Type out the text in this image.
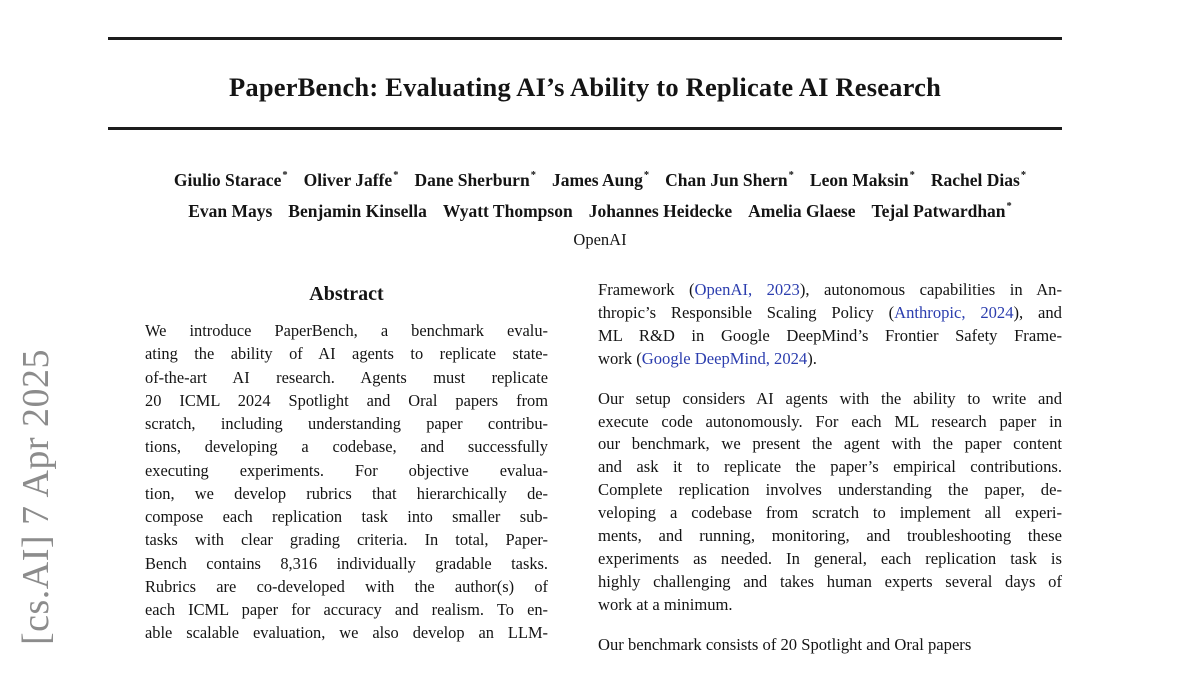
[cs.AI] 7 Apr 2025
PaperBench: Evaluating AI’s Ability to Replicate AI Research
Giulio Starace* Oliver Jaffe* Dane Sherburn* James Aung* Chan Jun Shern* Leon Maksin* Rachel Dias*
Evan Mays Benjamin Kinsella Wyatt Thompson Johannes Heidecke Amelia Glaese Tejal Patwardhan*
OpenAI
Abstract
We introduce PaperBench, a benchmark evalu-
ating the ability of AI agents to replicate state-
of-the-art AI research. Agents must replicate
20 ICML 2024 Spotlight and Oral papers from
scratch, including understanding paper contribu-
tions, developing a codebase, and successfully
executing experiments. For objective evalua-
tion, we develop rubrics that hierarchically de-
compose each replication task into smaller sub-
tasks with clear grading criteria. In total, Paper-
Bench contains 8,316 individually gradable tasks.
Rubrics are co-developed with the author(s) of
each ICML paper for accuracy and realism. To en-
able scalable evaluation, we also develop an LLM-
Framework (OpenAI, 2023), autonomous capabilities in An-
thropic’s Responsible Scaling Policy (Anthropic, 2024), and
ML R&D in Google DeepMind’s Frontier Safety Frame-
work (Google DeepMind, 2024).
Our setup considers AI agents with the ability to write and
execute code autonomously. For each ML research paper in
our benchmark, we present the agent with the paper content
and ask it to replicate the paper’s empirical contributions.
Complete replication involves understanding the paper, de-
veloping a codebase from scratch to implement all experi-
ments, and running, monitoring, and troubleshooting these
experiments as needed. In general, each replication task is
highly challenging and takes human experts several days of
work at a minimum.
Our benchmark consists of 20 Spotlight and Oral papers
